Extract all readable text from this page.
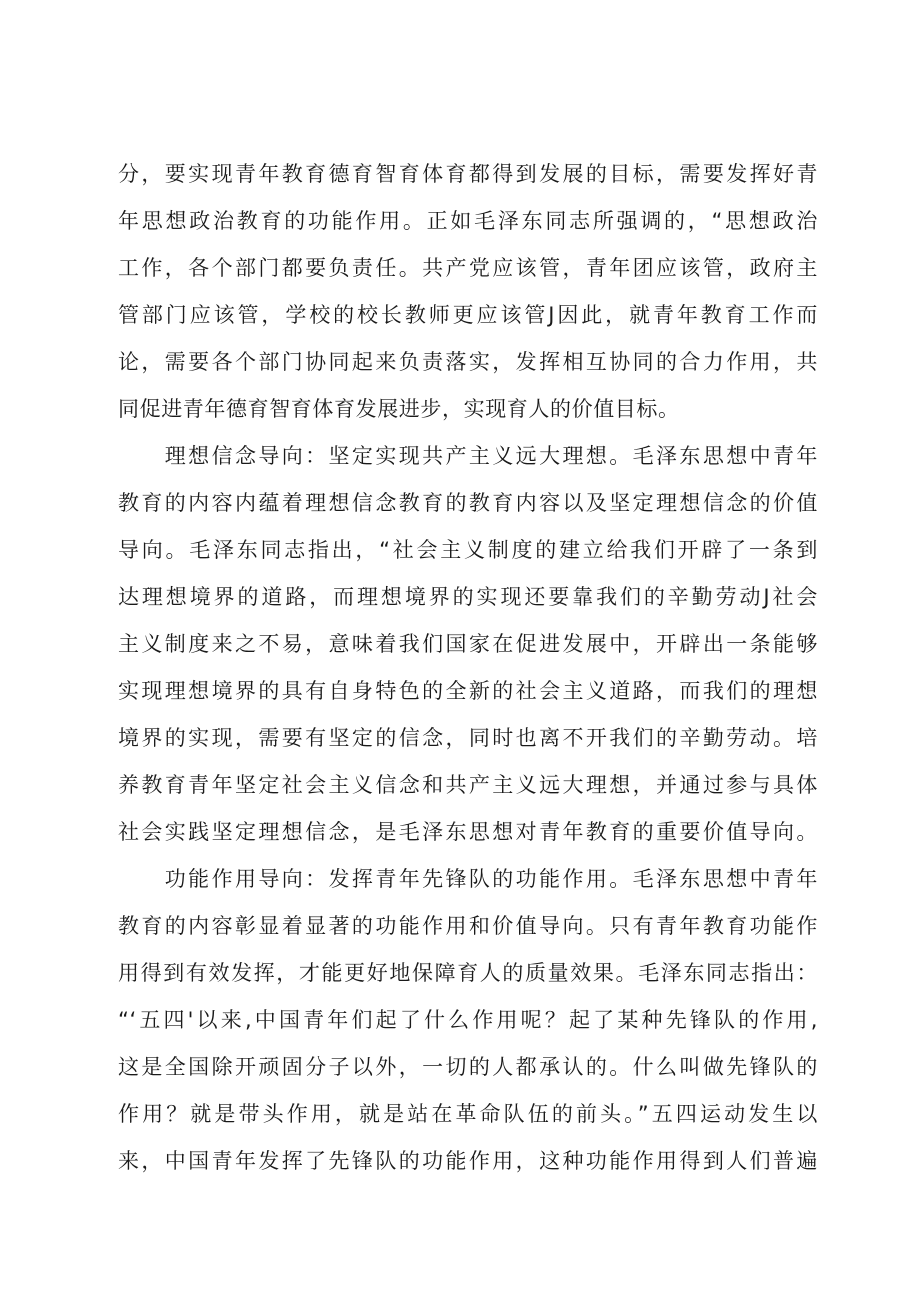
分，要实现青年教育德育智育体育都得到发展的目标，需要发挥好青
年思想政治教育的功能作用。正如毛泽东同志所强调的，“思想政治
工作，各个部门都要负责任。共产党应该管，青年团应该管，政府主
管部门应该管，学校的校长教师更应该管J因此，就青年教育工作而
论，需要各个部门协同起来负责落实，发挥相互协同的合力作用，共
同促进青年德育智育体育发展进步，实现育人的价值目标。
　　理想信念导向：坚定实现共产主义远大理想。毛泽东思想中青年
教育的内容内蕴着理想信念教育的教育内容以及坚定理想信念的价值
导向。毛泽东同志指出，“社会主义制度的建立给我们开辟了一条到
达理想境界的道路，而理想境界的实现还要靠我们的辛勤劳动J社会
主义制度来之不易，意味着我们国家在促进发展中，开辟出一条能够
实现理想境界的具有自身特色的全新的社会主义道路，而我们的理想
境界的实现，需要有坚定的信念，同时也离不开我们的辛勤劳动。培
养教育青年坚定社会主义信念和共产主义远大理想，并通过参与具体
社会实践坚定理想信念，是毛泽东思想对青年教育的重要价值导向。
　　功能作用导向：发挥青年先锋队的功能作用。毛泽东思想中青年
教育的内容彰显着显著的功能作用和价值导向。只有青年教育功能作
用得到有效发挥，才能更好地保障育人的质量效果。毛泽东同志指出：
“‘五四'以来,中国青年们起了什么作用呢？起了某种先锋队的作用,
这是全国除开顽固分子以外，一切的人都承认的。什么叫做先锋队的
作用？就是带头作用，就是站在革命队伍的前头。”五四运动发生以
来，中国青年发挥了先锋队的功能作用，这种功能作用得到人们普遍
